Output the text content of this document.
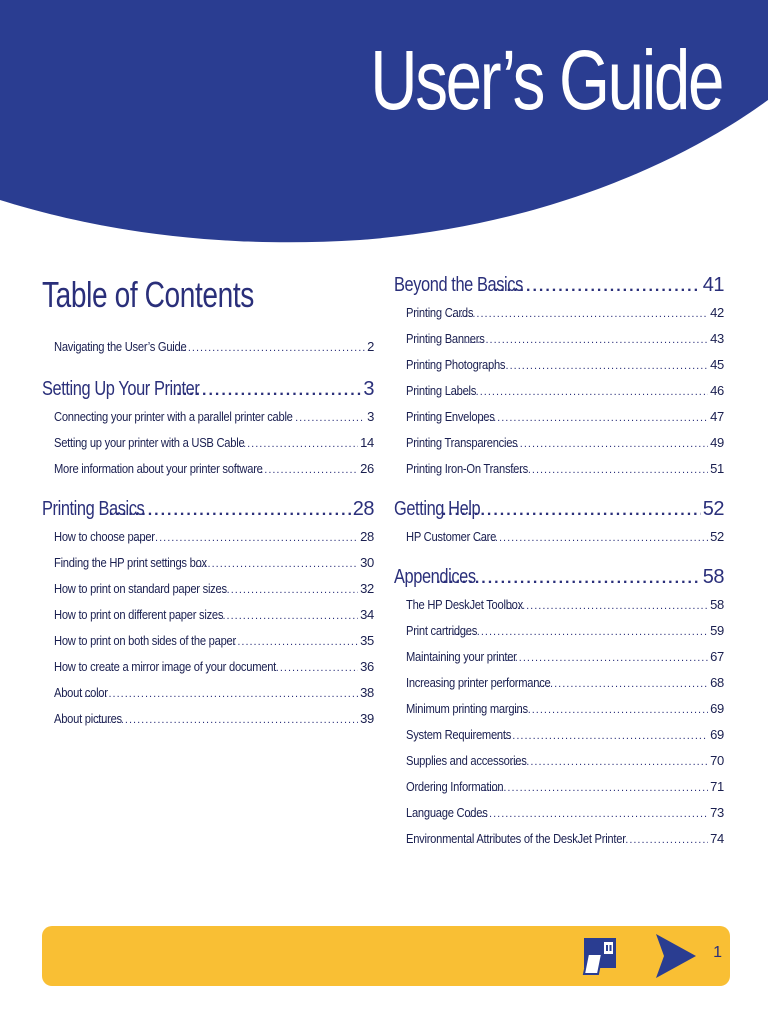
User’s Guide
Table of Contents
Navigating the User’s Guide .....	2
Setting Up Your Printer .....	3
Connecting your printer with a parallel printer cable .....	3
Setting up your printer with a USB Cable .....	14
More information about your printer software .....	26
Printing Basics .....	28
How to choose paper .....	28
Finding the HP print settings box .....	30
How to print on standard paper sizes .....	32
How to print on different paper sizes .....	34
How to print on both sides of the paper .....	35
How to create a mirror image of your document .....	36
About color .....	38
About pictures .....	39
Beyond the Basics .....	41
Printing Cards .....	42
Printing Banners .....	43
Printing Photographs .....	45
Printing Labels .....	46
Printing Envelopes .....	47
Printing Transparencies .....	49
Printing Iron-On Transfers .....	51
Getting Help .....	52
HP Customer Care .....	52
Appendices .....	58
The HP DeskJet Toolbox .....	58
Print cartridges .....	59
Maintaining your printer .....	67
Increasing printer performance .....	68
Minimum printing margins .....	69
System Requirements .....	69
Supplies and accessories .....	70
Ordering Information .....	71
Language Codes .....	73
Environmental Attributes of the DeskJet Printer .....	74
1
